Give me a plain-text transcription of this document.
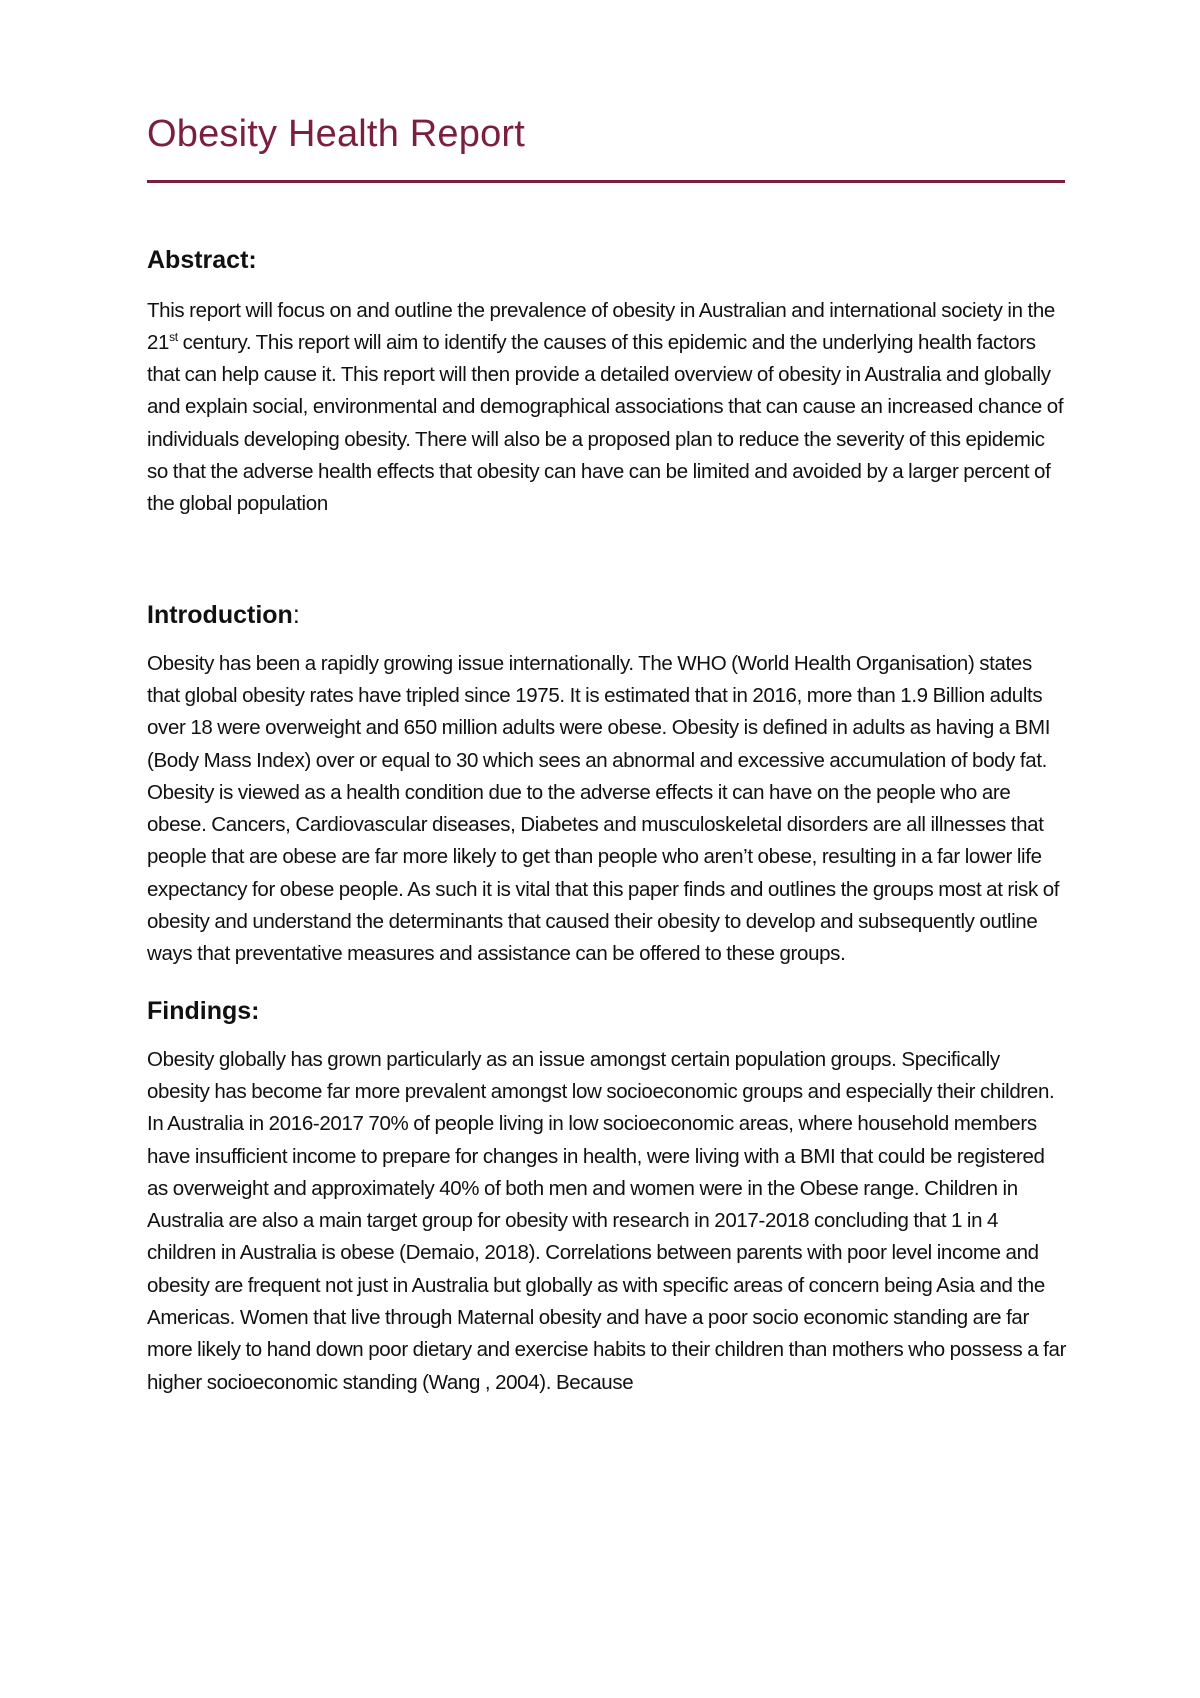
Obesity Health Report
Abstract:

This report will focus on and outline the prevalence of obesity in Australian and international society in the 21st century. This report will aim to identify the causes of this epidemic and the underlying health factors that can help cause it. This report will then provide a detailed overview of obesity in Australia and globally and explain social, environmental and demographical associations that can cause an increased chance of individuals developing obesity. There will also be a proposed plan to reduce the severity of this epidemic so that the adverse health effects that obesity can have can be limited and avoided by a larger percent of the global population

Introduction:

Obesity has been a rapidly growing issue internationally. The WHO (World Health Organisation) states that global obesity rates have tripled since 1975. It is estimated that in 2016, more than 1.9 Billion adults over 18 were overweight and 650 million adults were obese. Obesity is defined in adults as having a BMI (Body Mass Index) over or equal to 30 which sees an abnormal and excessive accumulation of body fat. Obesity is viewed as a health condition due to the adverse effects it can have on the people who are obese. Cancers, Cardiovascular diseases, Diabetes and musculoskeletal disorders are all illnesses that people that are obese are far more likely to get than people who aren’t obese, resulting in a far lower life expectancy for obese people. As such it is vital that this paper finds and outlines the groups most at risk of obesity and understand the determinants that caused their obesity to develop and subsequently outline ways that preventative measures and assistance can be offered to these groups.

Findings:

Obesity globally has grown particularly as an issue amongst certain population groups. Specifically obesity has become far more prevalent amongst low socioeconomic groups and especially their children. In Australia in 2016-2017 70% of people living in low socioeconomic areas, where household members have insufficient income to prepare for changes in health, were living with a BMI that could be registered as overweight and approximately 40% of both men and women were in the Obese range. Children in Australia are also a main target group for obesity with research in 2017-2018 concluding that 1 in 4 children in Australia is obese (Demaio, 2018). Correlations between parents with poor level income and obesity are frequent not just in Australia but globally as with specific areas of concern being Asia and the Americas. Women that live through Maternal obesity and have a poor socio economic standing are far more likely to hand down poor dietary and exercise habits to their children than mothers who possess a far higher socioeconomic standing (Wang , 2004). Because
